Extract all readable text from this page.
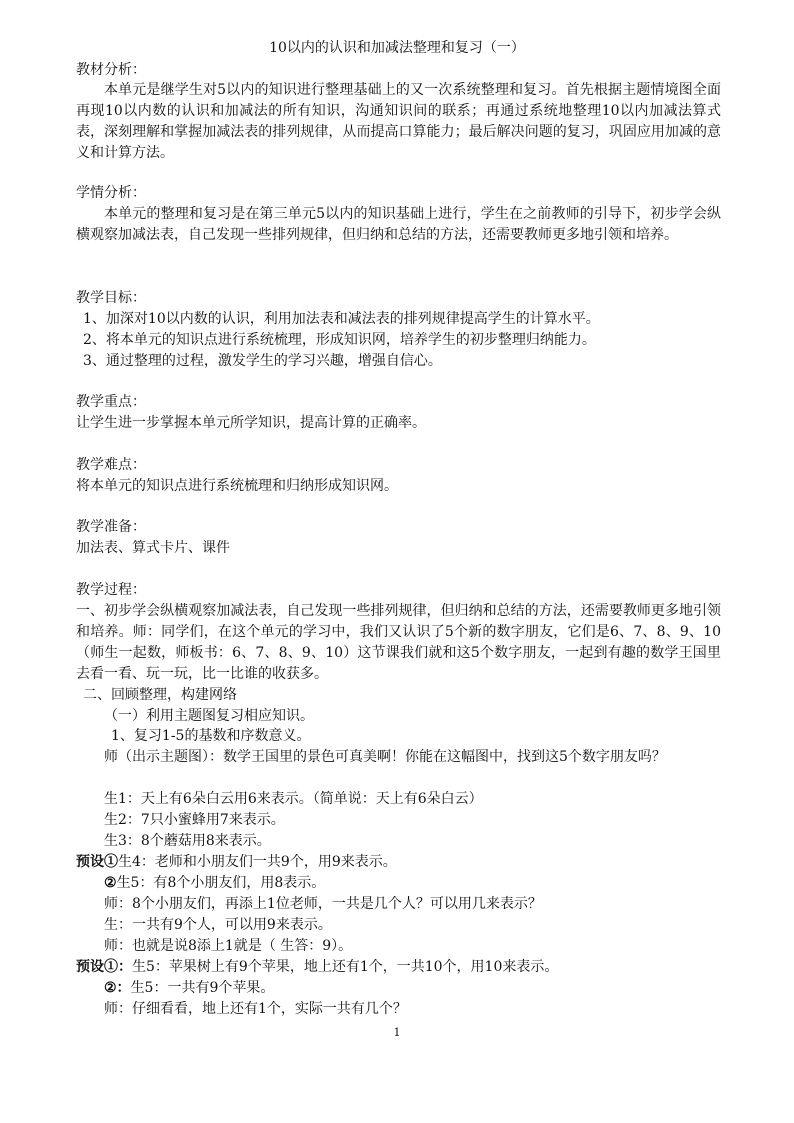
10以内的认识和加减法整理和复习（一）
教材分析：
本单元是继学生对5以内的知识进行整理基础上的又一次系统整理和复习。首先根据主题情境图全面再现10以内数的认识和加减法的所有知识，沟通知识间的联系；再通过系统地整理10以内加减法算式表，深刻理解和掌握加减法表的排列规律，从而提高口算能力；最后解决问题的复习，巩固应用加减的意义和计算方法。
学情分析：
本单元的整理和复习是在第三单元5以内的知识基础上进行，学生在之前教师的引导下，初步学会纵横观察加减法表，自己发现一些排列规律，但归纳和总结的方法，还需要教师更多地引领和培养。
教学目标：
1、加深对10以内数的认识，利用加法表和减法表的排列规律提高学生的计算水平。
2、将本单元的知识点进行系统梳理，形成知识网，培养学生的初步整理归纳能力。
3、通过整理的过程，激发学生的学习兴趣，增强自信心。
教学重点：
让学生进一步掌握本单元所学知识，提高计算的正确率。
教学难点：
将本单元的知识点进行系统梳理和归纳形成知识网。
教学准备：
加法表、算式卡片、课件
教学过程：
一、初步学会纵横观察加减法表，自己发现一些排列规律，但归纳和总结的方法，还需要教师更多地引领和培养。师：同学们，在这个单元的学习中，我们又认识了5个新的数字朋友，它们是6、7、8、9、10（师生一起数，师板书：6、7、8、9、10）这节课我们就和这5个数字朋友，一起到有趣的数学王国里去看一看、玩一玩，比一比谁的收获多。
二、回顾整理，构建网络
（一）利用主题图复习相应知识。
1、复习1-5的基数和序数意义。
师（出示主题图）：数学王国里的景色可真美啊！你能在这幅图中，找到这5个数字朋友吗？
生1：天上有6朵白云用6来表示。（简单说：天上有6朵白云）
生2：7只小蜜蜂用7来表示。
生3：8个蘑菇用8来表示。
预设①生4：老师和小朋友们一共9个，用9来表示。
②生5：有8个小朋友们，用8表示。
师：8个小朋友们，再添上1位老师，一共是几个人？可以用几来表示？
生：一共有9个人，可以用9来表示。
师：也就是说8添上1就是（ 生答：9）。
预设①：生5：苹果树上有9个苹果，地上还有1个，一共10个，用10来表示。
②：生5：一共有9个苹果。
师：仔细看看，地上还有1个，实际一共有几个？
1
